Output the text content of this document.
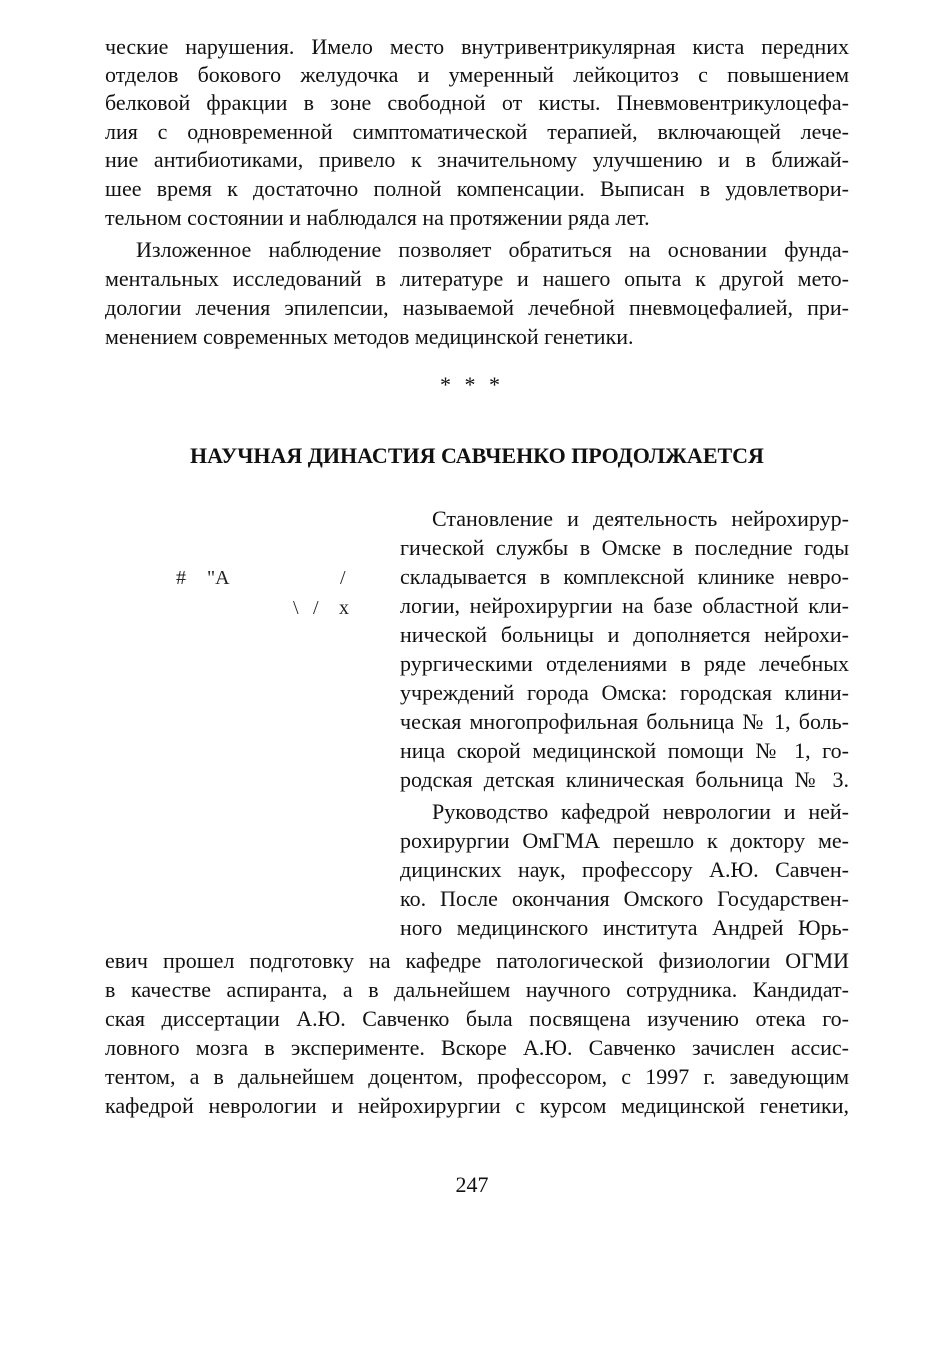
ческие нарушения. Имело место внутривентрикулярная киста передних
отделов бокового желудочка и умеренный лейкоцитоз с повышением
белковой фракции в зоне свободной от кисты. Пневмовентрикулоцефа-
лия с одновременной симптоматической терапией, включающей лече-
ние антибиотиками, привело к значительному улучшению и в ближай-
шее время к достаточно полной компенсации. Выписан в удовлетвори-
тельном состоянии и наблюдался на протяжении ряда лет.
Изложенное наблюдение позволяет обратиться на основании фунда-
ментальных исследований в литературе и нашего опыта к другой мето-
дологии лечения эпилепсии, называемой лечебной пневмоцефалией, при-
менением современных методов медицинской генетики.
* * *
НАУЧНАЯ ДИНАСТИЯ САВЧЕНКО ПРОДОЛЖАЕТСЯ
# "А	/
\ / x
Становление и деятельность нейрохирур-
гической службы в Омске в последние годы
складывается в комплексной клинике невро-
логии, нейрохирургии на базе областной кли-
нической больницы и дополняется нейрохи-
рургическими отделениями в ряде лечебных
учреждений города Омска: городская клини-
ческая многопрофильная больница № 1, боль-
ница скорой медицинской помощи № 1, го-
родская детская клиническая больница № 3.
Руководство кафедрой неврологии и ней-
рохирургии ОмГМА перешло к доктору ме-
дицинских наук, профессору А.Ю. Савчен-
ко. После окончания Омского Государствен-
ного медицинского института Андрей Юрь-
евич прошел подготовку на кафедре патологической физиологии ОГМИ
в качестве аспиранта, а в дальнейшем научного сотрудника. Кандидат-
ская диссертации А.Ю. Савченко была посвящена изучению отека го-
ловного мозга в эксперименте. Вскоре А.Ю. Савченко зачислен ассис-
тентом, а в дальнейшем доцентом, профессором, с 1997 г. заведующим
кафедрой неврологии и нейрохирургии с курсом медицинской генетики,
247
